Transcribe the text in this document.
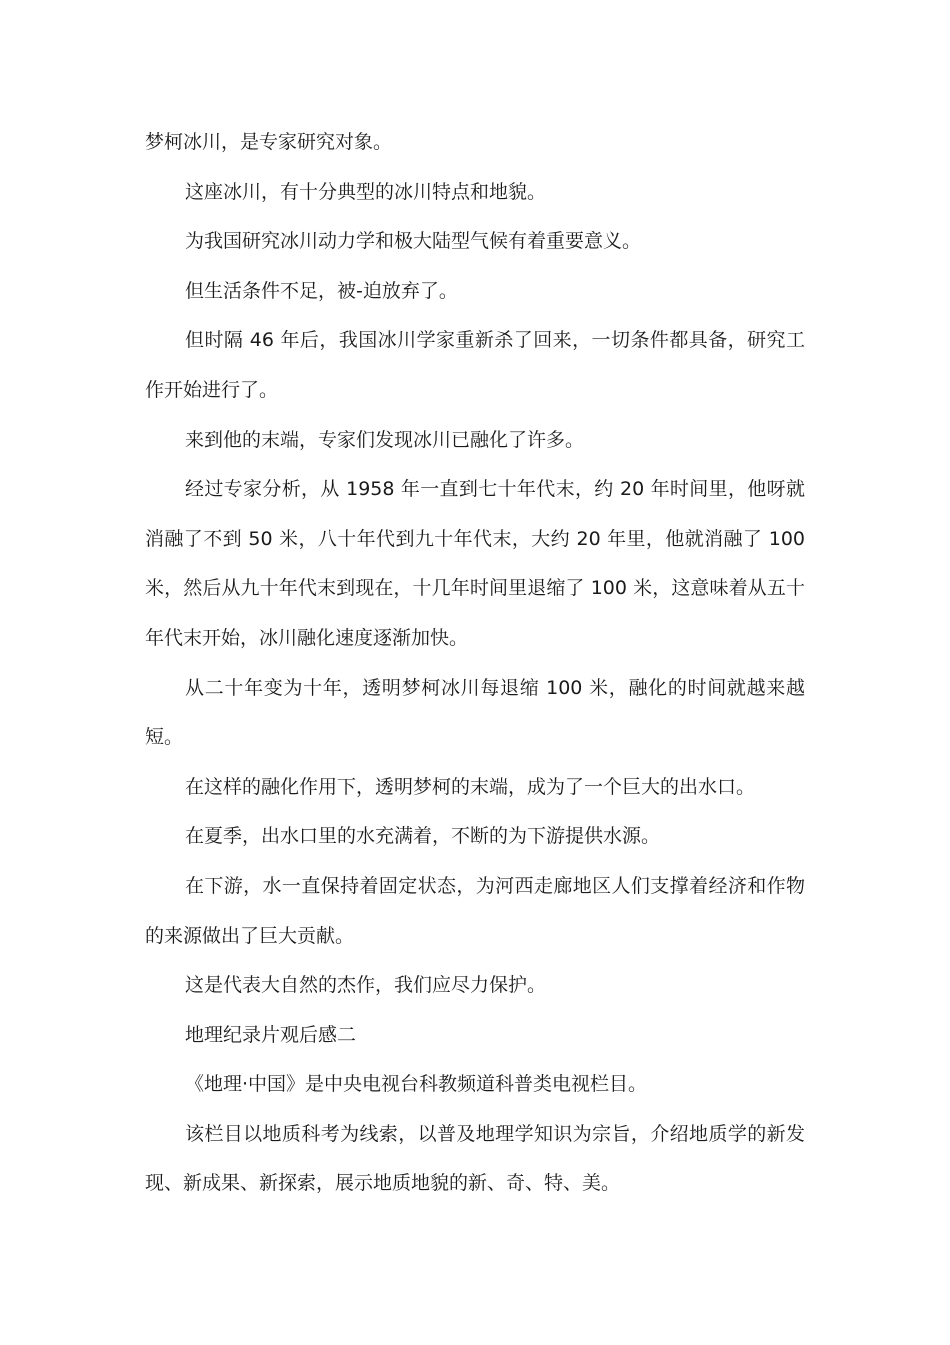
梦柯冰川，是专家研究对象。

这座冰川，有十分典型的冰川特点和地貌。

为我国研究冰川动力学和极大陆型气候有着重要意义。

但生活条件不足，被-迫放弃了。

但时隔 46 年后，我国冰川学家重新杀了回来，一切条件都具备，研究工作开始进行了。

来到他的末端，专家们发现冰川已融化了许多。

经过专家分析，从 1958 年一直到七十年代末，约 20 年时间里，他呀就消融了不到 50 米，八十年代到九十年代末，大约 20 年里，他就消融了 100 米，然后从九十年代末到现在，十几年时间里退缩了 100 米，这意味着从五十年代末开始，冰川融化速度逐渐加快。

从二十年变为十年，透明梦柯冰川每退缩 100 米，融化的时间就越来越短。

在这样的融化作用下，透明梦柯的末端，成为了一个巨大的出水口。

在夏季，出水口里的水充满着，不断的为下游提供水源。

在下游，水一直保持着固定状态，为河西走廊地区人们支撑着经济和作物的来源做出了巨大贡献。

这是代表大自然的杰作，我们应尽力保护。

地理纪录片观后感二

《地理·中国》是中央电视台科教频道科普类电视栏目。

该栏目以地质科考为线索，以普及地理学知识为宗旨，介绍地质学的新发现、新成果、新探索，展示地质地貌的新、奇、特、美。
